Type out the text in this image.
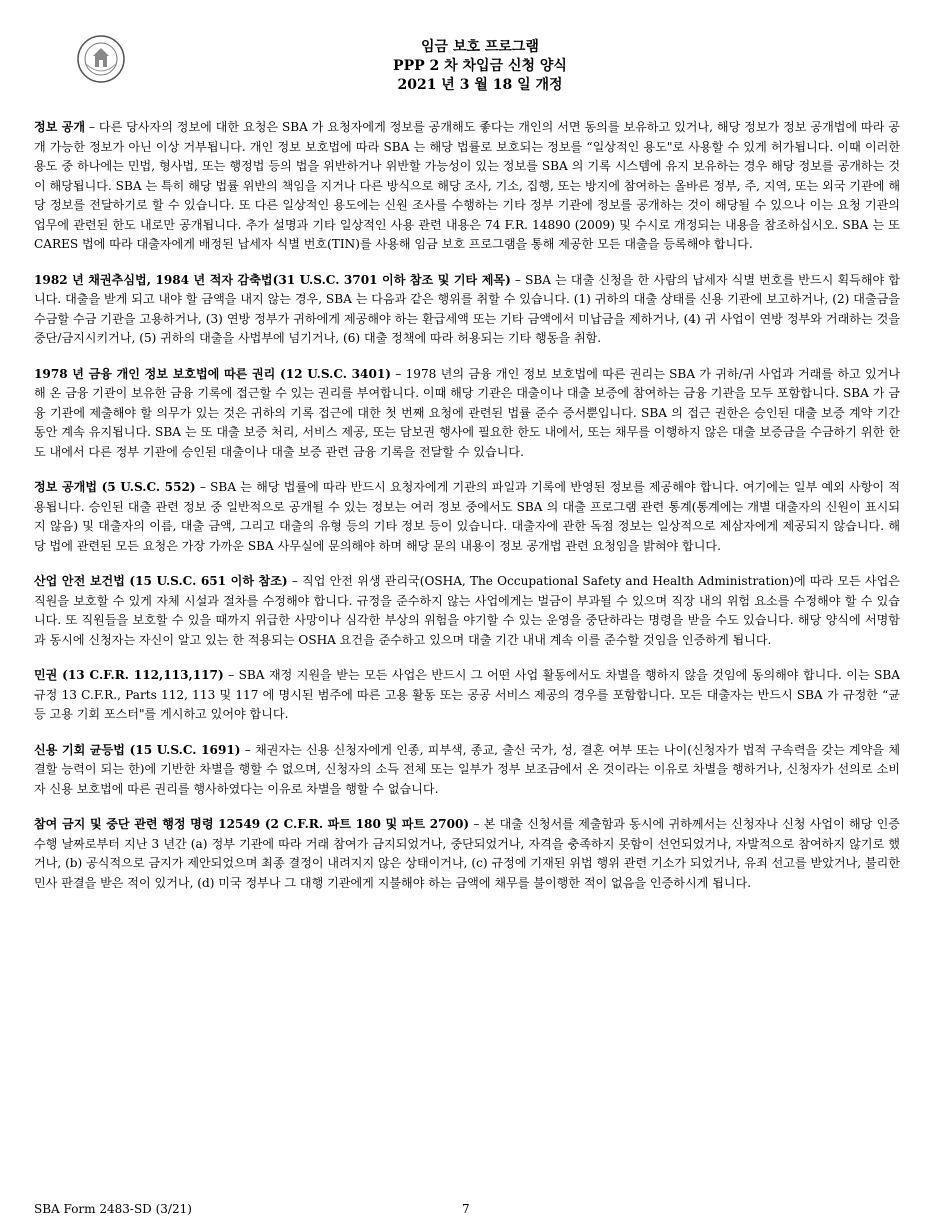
임금 보호 프로그램
PPP 2 차 차입금 신청 양식
2021 년 3 월 18 일 개정

정보 공개 – 다른 당사자의 정보에 대한 요청은 SBA 가 요청자에게 정보를 공개해도 좋다는 개인의 서면 동의를 보유하고 있거나, 해당 정보가 정보 공개법에 따라 공개 가능한 정보가 아닌 이상 거부됩니다. 개인 정보 보호법에 따라 SBA 는 해당 법률로 보호되는 정보를 “일상적인 용도"로 사용할 수 있게 허가됩니다. 이때 이러한 용도 중 하나에는 민법, 형사법, 또는 행정법 등의 법을 위반하거나 위반할 가능성이 있는 정보를 SBA 의 기록 시스템에 유지 보유하는 경우 해당 정보를 공개하는 것이 해당됩니다. SBA 는 특히 해당 법률 위반의 책임을 지거나 다른 방식으로 해당 조사, 기소, 집행, 또는 방지에 참여하는 올바른 정부, 주, 지역, 또는 외국 기관에 해당 정보를 전달하기로 할 수 있습니다. 또 다른 일상적인 용도에는 신원 조사를 수행하는 기타 정부 기관에 정보를 공개하는 것이 해당될 수 있으나 이는 요청 기관의 업무에 관련된 한도 내로만 공개됩니다. 추가 설명과 기타 일상적인 사용 관련 내용은 74 F.R. 14890 (2009) 및 수시로 개정되는 내용을 참조하십시오. SBA 는 또 CARES 법에 따라 대출자에게 배정된 납세자 식별 번호(TIN)를 사용해 임금 보호 프로그램을 통해 제공한 모든 대출을 등록해야 합니다.

1982 년 채권추심법, 1984 년 적자 감축법(31 U.S.C. 3701 이하 참조 및 기타 제목) – SBA 는 대출 신청을 한 사람의 납세자 식별 번호를 반드시 획득해야 합니다. 대출을 받게 되고 내야 할 금액을 내지 않는 경우, SBA 는 다음과 같은 행위를 취할 수 있습니다. (1) 귀하의 대출 상태를 신용 기관에 보고하거나, (2) 대출금을 수금할 수금 기관을 고용하거나, (3) 연방 정부가 귀하에게 제공해야 하는 환급세액 또는 기타 금액에서 미납금을 제하거나, (4) 귀 사업이 연방 정부와 거래하는 것을 중단/금지시키거나, (5) 귀하의 대출을 사법부에 넘기거나, (6) 대출 정책에 따라 허용되는 기타 행동을 취함.

1978 년 금융 개인 정보 보호법에 따른 권리 (12 U.S.C. 3401) – 1978 년의 금융 개인 정보 보호법에 따른 권리는 SBA 가 귀하/귀 사업과 거래를 하고 있거나 해 온 금융 기관이 보유한 금융 기록에 접근할 수 있는 권리를 부여합니다. 이때 해당 기관은 대출이나 대출 보증에 참여하는 금융 기관을 모두 포함합니다. SBA 가 금융 기관에 제출해야 할 의무가 있는 것은 귀하의 기록 접근에 대한 첫 번째 요청에 관련된 법률 준수 증서뿐입니다. SBA 의 접근 권한은 승인된 대출 보증 계약 기간 동안 계속 유지됩니다. SBA 는 또 대출 보증 처리, 서비스 제공, 또는 담보권 행사에 필요한 한도 내에서, 또는 채무를 이행하지 않은 대출 보증금을 수금하기 위한 한도 내에서 다른 정부 기관에 승인된 대출이나 대출 보증 관련 금융 기록을 전달할 수 있습니다.

정보 공개법 (5 U.S.C. 552) – SBA 는 해당 법률에 따라 반드시 요청자에게 기관의 파일과 기록에 반영된 정보를 제공해야 합니다. 여기에는 일부 예외 사항이 적용됩니다. 승인된 대출 관련 정보 중 일반적으로 공개될 수 있는 정보는 여러 정보 중에서도 SBA 의 대출 프로그램 관련 통계(통계에는 개별 대출자의 신원이 표시되지 않음) 및 대출자의 이름, 대출 금액, 그리고 대출의 유형 등의 기타 정보 등이 있습니다. 대출자에 관한 독점 정보는 일상적으로 제삼자에게 제공되지 않습니다. 해당 법에 관련된 모든 요청은 가장 가까운 SBA 사무실에 문의해야 하며 해당 문의 내용이 정보 공개법 관련 요청임을 밝혀야 합니다.

산업 안전 보건법 (15 U.S.C. 651 이하 참조) – 직업 안전 위생 관리국(OSHA, The Occupational Safety and Health Administration)에 따라 모든 사업은 직원을 보호할 수 있게 자체 시설과 절차를 수정해야 합니다. 규정을 준수하지 않는 사업에게는 벌금이 부과될 수 있으며 직장 내의 위험 요소를 수정해야 할 수 있습니다. 또 직원들을 보호할 수 있을 때까지 위급한 사망이나 심각한 부상의 위험을 야기할 수 있는 운영을 중단하라는 명령을 받을 수도 있습니다. 해당 양식에 서명함과 동시에 신청자는 자신이 알고 있는 한 적용되는 OSHA 요건을 준수하고 있으며 대출 기간 내내 계속 이를 준수할 것임을 인증하게 됩니다.

민권 (13 C.F.R. 112,113,117) – SBA 재정 지원을 받는 모든 사업은 반드시 그 어떤 사업 활동에서도 차별을 행하지 않을 것임에 동의해야 합니다. 이는 SBA 규정 13 C.F.R., Parts 112, 113 및 117 에 명시된 범주에 따른 고용 활동 또는 공공 서비스 제공의 경우를 포함합니다. 모든 대출자는 반드시 SBA 가 규정한 “균등 고용 기회 포스터"를 게시하고 있어야 합니다.

신용 기회 균등법 (15 U.S.C. 1691) – 채권자는 신용 신청자에게 인종, 피부색, 종교, 출신 국가, 성, 결혼 여부 또는 나이(신청자가 법적 구속력을 갖는 계약을 체결할 능력이 되는 한)에 기반한 차별을 행할 수 없으며, 신청자의 소득 전체 또는 일부가 정부 보조금에서 온 것이라는 이유로 차별을 행하거나, 신청자가 선의로 소비자 신용 보호법에 따른 권리를 행사하였다는 이유로 차별을 행할 수 없습니다.

참여 금지 및 중단 관련 행정 명령 12549 (2 C.F.R. 파트 180 및 파트 2700) – 본 대출 신청서를 제출함과 동시에 귀하께서는 신청자나 신청 사업이 해당 인증 수행 날짜로부터 지난 3 년간 (a) 정부 기관에 따라 거래 참여가 금지되었거나, 중단되었거나, 자격을 충족하지 못함이 선언되었거나, 자발적으로 참여하지 않기로 했거나, (b) 공식적으로 금지가 제안되었으며 최종 결정이 내려지지 않은 상태이거나, (c) 규정에 기재된 위법 행위 관련 기소가 되었거나, 유죄 선고를 받았거나, 불리한 민사 판결을 받은 적이 있거나, (d) 미국 정부나 그 대행 기관에게 지불해야 하는 금액에 채무를 불이행한 적이 없음을 인증하시게 됩니다.

SBA Form 2483-SD (3/21)	7
